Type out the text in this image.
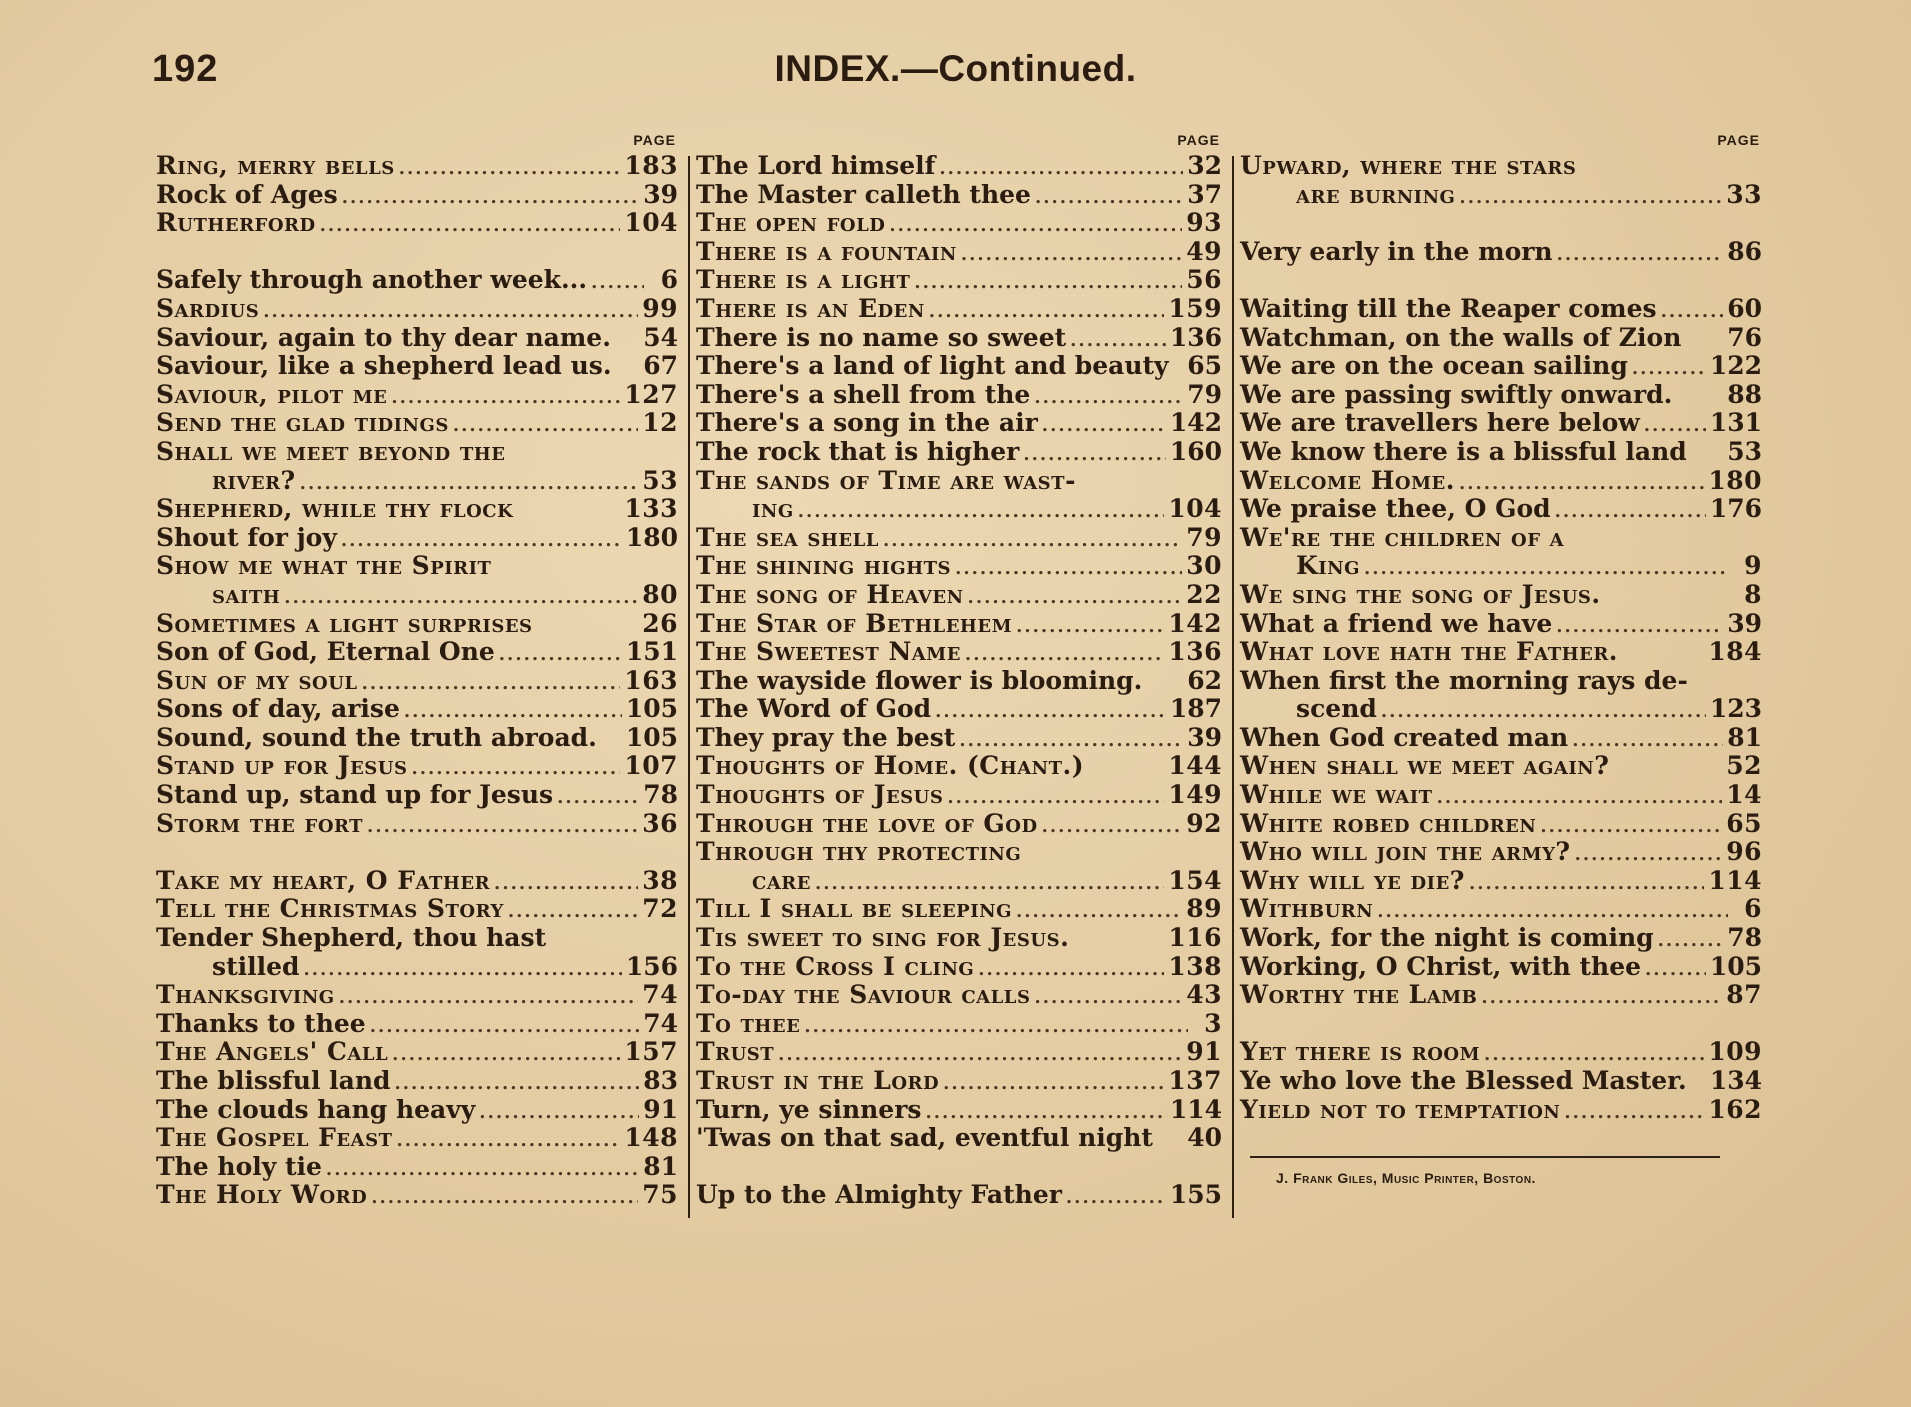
192	INDEX.—Continued.
PAGE
Ring, merry bells .....	183
Rock of Ages .....	39
Rutherford .....	104
Safely through another week... .....	6
Sardius .....	99
Saviour, again to thy dear name. 54
Saviour, like a shepherd lead us. 67
Saviour, pilot me .....	127
Send the glad tidings .....	12
Shall we meet beyond the
river? .....	53
Shepherd, while thy flock	133
Shout for joy .....	180
Show me what the Spirit
saith .....	80
Sometimes a light surprises	26
Son of God, Eternal One .....	151
Sun of my soul .....	163
Sons of day, arise .....	105
Sound, sound the truth abroad. 105
Stand up for Jesus .....	107
Stand up, stand up for Jesus .....	78
Storm the fort .....	36
Take my heart, O Father .....	38
Tell the Christmas Story .....	72
Tender Shepherd, thou hast
stilled .....	156
Thanksgiving .....	74
Thanks to thee .....	74
The Angels' Call .....	157
The blissful land .....	83
The clouds hang heavy .....	91
The Gospel Feast .....	148
The holy tie .....	81
The Holy Word .....	75
PAGE
The Lord himself .....	32
The Master calleth thee .....	37
The open fold .....	93
There is a fountain .....	49
There is a light .....	56
There is an Eden .....	159
There is no name so sweet .....	136
There's a land of light and beauty 65
There's a shell from the .....	79
There's a song in the air .....	142
The rock that is higher .....	160
The sands of Time are wast-
ing .....	104
The sea shell .....	79
The shining hights .....	30
The song of Heaven .....	22
The Star of Bethlehem .....	142
The Sweetest Name .....	136
The wayside flower is blooming. 62
The Word of God .....	187
They pray the best .....	39
Thoughts of Home. (Chant.)	144
Thoughts of Jesus .....	149
Through the love of God .....	92
Through thy protecting
care .....	154
Till I shall be sleeping .....	89
Tis sweet to sing for Jesus.	116
To the Cross I cling .....	138
To-day the Saviour calls .....	43
To thee .....	3
Trust .....	91
Trust in the Lord .....	137
Turn, ye sinners .....	114
'Twas on that sad, eventful night 40
Up to the Almighty Father .....	155
PAGE
Upward, where the stars
are burning .....	33
Very early in the morn .....	86
Waiting till the Reaper comes .....	60
Watchman, on the walls of Zion 76
We are on the ocean sailing .....	122
We are passing swiftly onward. 88
We are travellers here below .....	131
We know there is a blissful land 53
Welcome Home. .....	180
We praise thee, O God .....	176
We're the children of a
King .....	9
We sing the song of Jesus.	8
What a friend we have .....	39
What love hath the Father.	184
When first the morning rays de-
scend .....	123
When God created man .....	81
When shall we meet again?	52
While we wait .....	14
White robed children .....	65
Who will join the army? .....	96
Why will ye die? .....	114
Withburn .....	6
Work, for the night is coming .....	78
Working, O Christ, with thee .....	105
Worthy the Lamb .....	87
Yet there is room .....	109
Ye who love the Blessed Master. 134
Yield not to temptation .....	162
J. Frank Giles, Music Printer, Boston.
